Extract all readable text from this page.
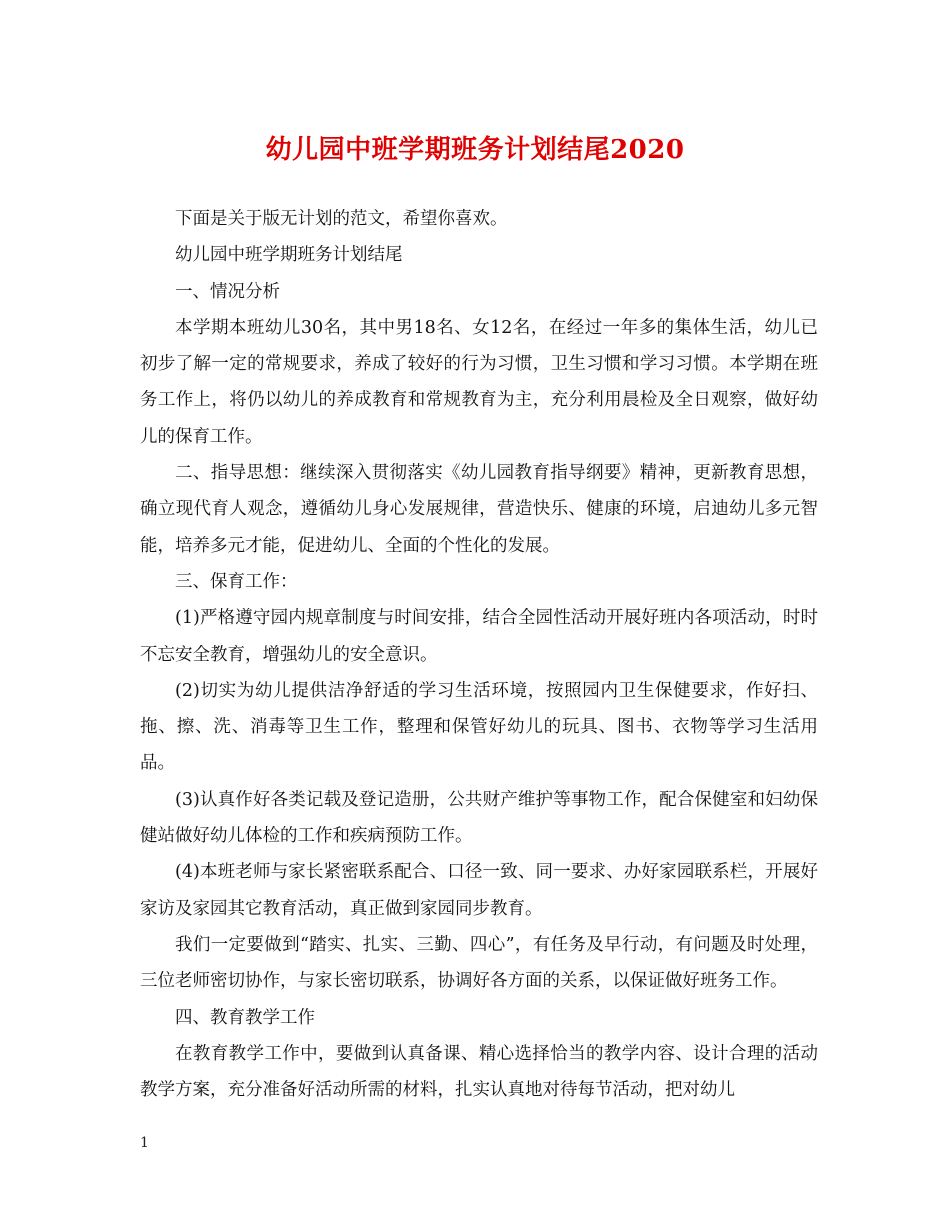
幼儿园中班学期班务计划结尾2020

下面是关于版无计划的范文，希望你喜欢。

幼儿园中班学期班务计划结尾

一、情况分析

本学期本班幼儿30名，其中男18名、女12名，在经过一年多的集体生活，幼儿已初步了解一定的常规要求，养成了较好的行为习惯，卫生习惯和学习习惯。本学期在班务工作上，将仍以幼儿的养成教育和常规教育为主，充分利用晨检及全日观察，做好幼儿的保育工作。

二、指导思想：继续深入贯彻落实《幼儿园教育指导纲要》精神，更新教育思想，确立现代育人观念，遵循幼儿身心发展规律，营造快乐、健康的环境，启迪幼儿多元智能，培养多元才能，促进幼儿、全面的个性化的发展。

三、保育工作：

(1)严格遵守园内规章制度与时间安排，结合全园性活动开展好班内各项活动，时时不忘安全教育，增强幼儿的安全意识。

(2)切实为幼儿提供洁净舒适的学习生活环境，按照园内卫生保健要求，作好扫、拖、擦、洗、消毒等卫生工作，整理和保管好幼儿的玩具、图书、衣物等学习生活用品。

(3)认真作好各类记载及登记造册，公共财产维护等事物工作，配合保健室和妇幼保健站做好幼儿体检的工作和疾病预防工作。

(4)本班老师与家长紧密联系配合、口径一致、同一要求、办好家园联系栏，开展好家访及家园其它教育活动，真正做到家园同步教育。

我们一定要做到“踏实、扎实、三勤、四心”，有任务及早行动，有问题及时处理，三位老师密切协作，与家长密切联系，协调好各方面的关系，以保证做好班务工作。

四、教育教学工作

在教育教学工作中，要做到认真备课、精心选择恰当的教学内容、设计合理的活动教学方案，充分准备好活动所需的材料，扎实认真地对待每节活动，把对幼儿

1
